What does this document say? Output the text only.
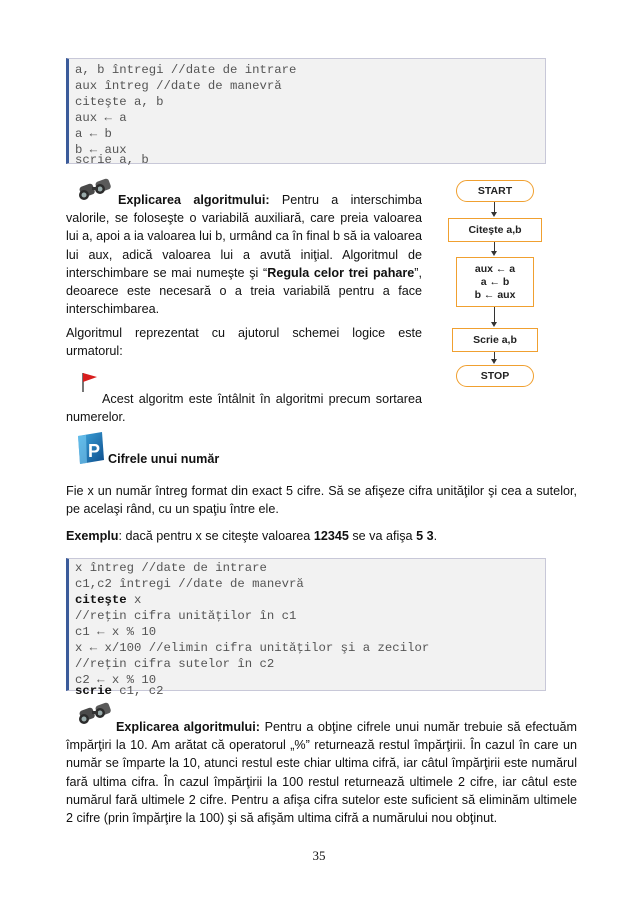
a, b întregi //date de intrare
aux întreg //date de manevră
citeşte a, b
aux ← a
a ← b
b ← aux
scrie a, b

Explicarea algoritmului: Pentru a interschimba valorile, se foloseşte o variabilă auxiliară, care preia valoarea lui a, apoi a ia valoarea lui b, urmând ca în final b să ia valoarea lui aux, adică valoarea lui a avută iniţial. Algoritmul de interschimbare se mai numeşte şi “Regula celor trei pahare”, deoarece este necesară o a treia variabilă pentru a face interschimbarea.

Algoritmul reprezentat cu ajutorul schemei logice este urmatorul:

Acest algoritm este întâlnit în algoritmi precum sortarea numerelor.

START
Citeşte a,b
aux ← a
a ← b
b ← aux
Scrie a,b
STOP
P Cifrele unui număr

Fie x un număr întreg format din exact 5 cifre. Să se afişeze cifra unităţilor şi cea a sutelor, pe acelaşi rând, cu un spaţiu între ele.

Exemplu: dacă pentru x se citeşte valoarea 12345 se va afişa 5 3.

x întreg //date de intrare
c1,c2 întregi //date de manevră
citeşte x
//reţin cifra unităţilor în c1
c1 ← x % 10
x ← x/100 //elimin cifra unităţilor şi a zecilor
//reţin cifra sutelor în c2
c2 ← x % 10
scrie c1, c2

Explicarea algoritmului: Pentru a obţine cifrele unui număr trebuie să efectuăm împărţiri la 10. Am arătat că operatorul „%” returnează restul împărţirii. În cazul în care un număr se împarte la 10, atunci restul este chiar ultima cifră, iar câtul împărţirii este numărul fară ultima cifra. În cazul împărţirii la 100 restul returnează ultimele 2 cifre, iar câtul este numărul fară ultimele 2 cifre. Pentru a afişa cifra sutelor este suficient să eliminăm ultimele 2 cifre (prin împărţire la 100) şi să afişăm ultima cifră a numărului nou obţinut.

35
